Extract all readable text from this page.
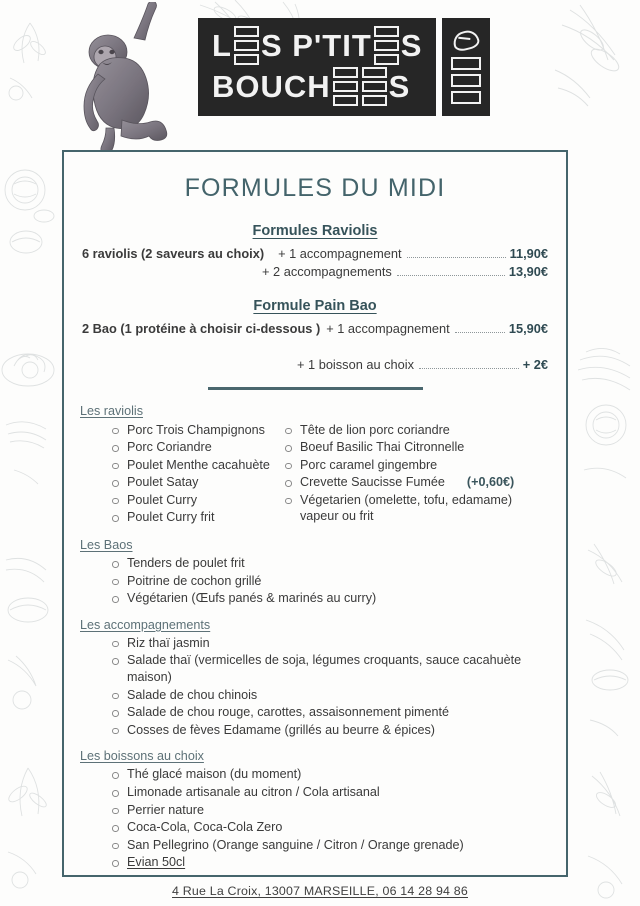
L S P'TIT S
BOUCH S
FORMULES DU MIDI
Formules Raviolis
6 raviolis (2 saveurs au choix) + 1 accompagnement	11,90€
+ 2 accompagnements	13,90€
Formule Pain Bao
2 Bao (1 protéine à choisir ci-dessous ) + 1 accompagnement	15,90€
+ 1 boisson au choix	+ 2€
Les raviolis
Porc Trois Champignons
Porc Coriandre
Poulet Menthe cacahuète
Poulet Satay
Poulet Curry
Poulet Curry frit
Tête de lion porc coriandre
Boeuf Basilic Thai Citronnelle
Porc caramel gingembre
Crevette Saucisse Fumée (+0,60€)
Végetarien (omelette, tofu, edamame)
vapeur ou frit
Les Baos
Tenders de poulet frit
Poitrine de cochon grillé
Végétarien (Œufs panés & marinés au curry)
Les accompagnements
Riz thaï jasmin
Salade thaï (vermicelles de soja, légumes croquants, sauce cacahuète maison)
Salade de chou chinois
Salade de chou rouge, carottes, assaisonnement pimenté
Cosses de fèves Edamame (grillés au beurre & épices)
Les boissons au choix
Thé glacé maison (du moment)
Limonade artisanale au citron / Cola artisanal
Perrier nature
Coca-Cola, Coca-Cola Zero
San Pellegrino (Orange sanguine / Citron / Orange grenade)
Evian 50cl
4 Rue La Croix, 13007 MARSEILLE, 06 14 28 94 86
